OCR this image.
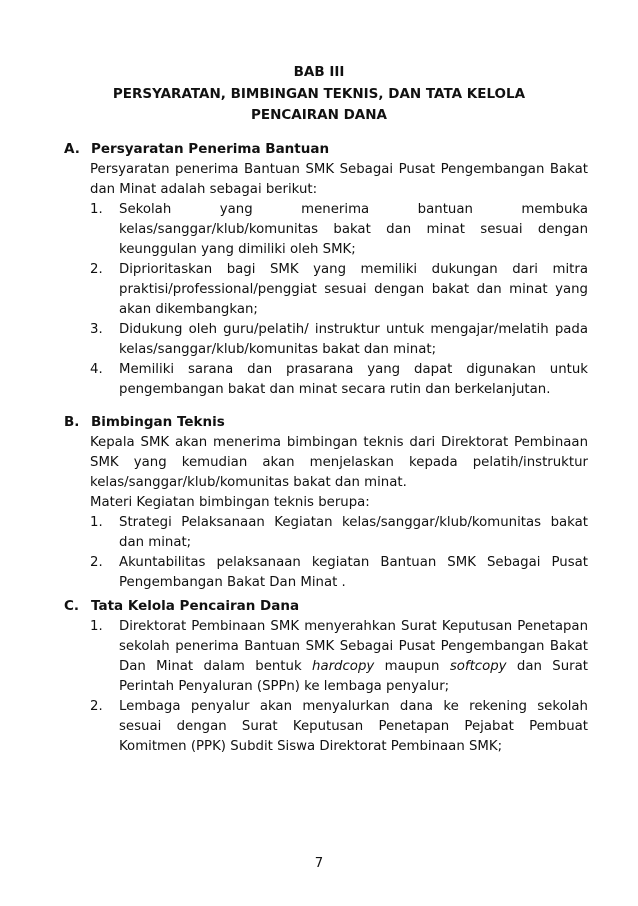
BAB III
PERSYARATAN, BIMBINGAN TEKNIS, DAN TATA KELOLA
PENCAIRAN DANA
A. Persyaratan Penerima Bantuan
Persyaratan penerima Bantuan SMK Sebagai Pusat Pengembangan Bakat
dan Minat adalah sebagai berikut:
1. Sekolah yang menerima bantuan membuka
kelas/sanggar/klub/komunitas bakat dan minat sesuai dengan
keunggulan yang dimiliki oleh SMK;
2. Diprioritaskan bagi SMK yang memiliki dukungan dari mitra
praktisi/professional/penggiat sesuai dengan bakat dan minat yang
akan dikembangkan;
3. Didukung oleh guru/pelatih/ instruktur untuk mengajar/melatih pada
kelas/sanggar/klub/komunitas bakat dan minat;
4. Memiliki sarana dan prasarana yang dapat digunakan untuk
pengembangan bakat dan minat secara rutin dan berkelanjutan.
B. Bimbingan Teknis
Kepala SMK akan menerima bimbingan teknis dari Direktorat Pembinaan
SMK yang kemudian akan menjelaskan kepada pelatih/instruktur
kelas/sanggar/klub/komunitas bakat dan minat.
Materi Kegiatan bimbingan teknis berupa:
1. Strategi Pelaksanaan Kegiatan kelas/sanggar/klub/komunitas bakat
dan minat;
2. Akuntabilitas pelaksanaan kegiatan Bantuan SMK Sebagai Pusat
Pengembangan Bakat Dan Minat .
C. Tata Kelola Pencairan Dana
1. Direktorat Pembinaan SMK menyerahkan Surat Keputusan Penetapan
sekolah penerima Bantuan SMK Sebagai Pusat Pengembangan Bakat
Dan Minat dalam bentuk hardcopy maupun softcopy dan Surat
Perintah Penyaluran (SPPn) ke lembaga penyalur;
2. Lembaga penyalur akan menyalurkan dana ke rekening sekolah
sesuai dengan Surat Keputusan Penetapan Pejabat Pembuat
Komitmen (PPK) Subdit Siswa Direktorat Pembinaan SMK;
7
